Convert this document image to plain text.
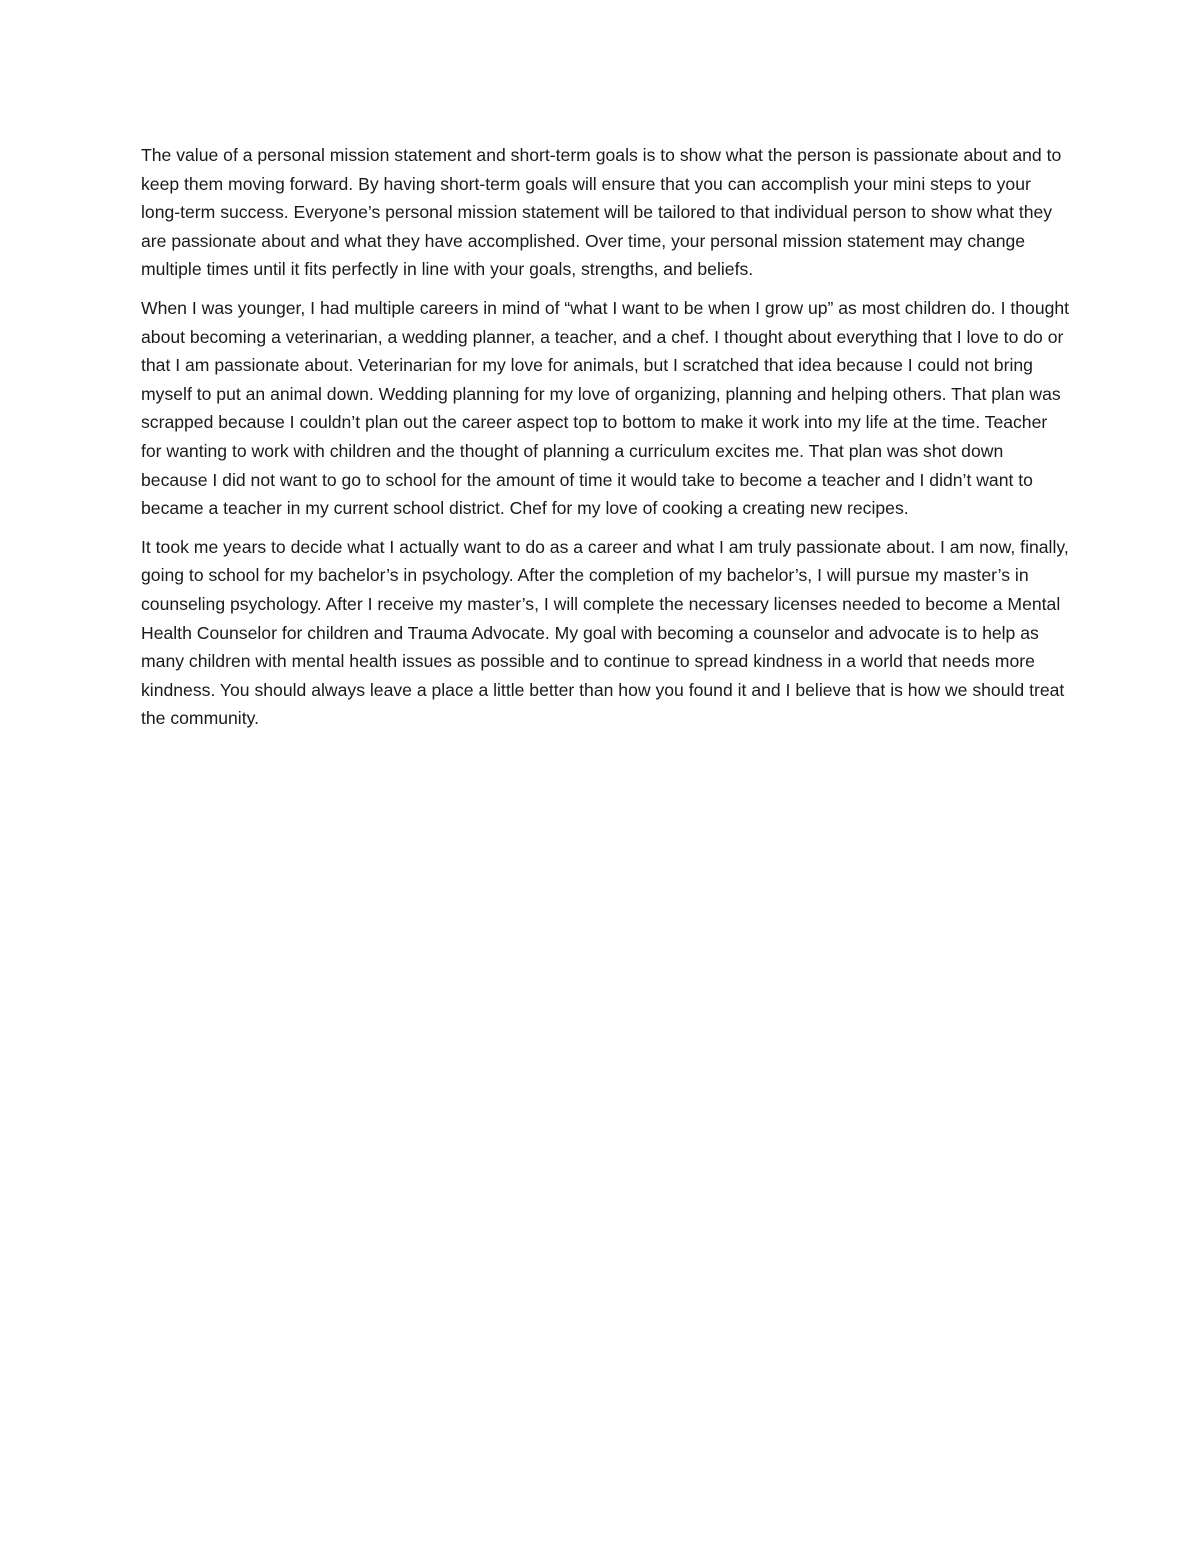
The value of a personal mission statement and short-term goals is to show what the person is passionate about and to keep them moving forward. By having short-term goals will ensure that you can accomplish your mini steps to your long-term success. Everyone’s personal mission statement will be tailored to that individual person to show what they are passionate about and what they have accomplished. Over time, your personal mission statement may change multiple times until it fits perfectly in line with your goals, strengths, and beliefs.

When I was younger, I had multiple careers in mind of “what I want to be when I grow up” as most children do. I thought about becoming a veterinarian, a wedding planner, a teacher, and a chef. I thought about everything that I love to do or that I am passionate about. Veterinarian for my love for animals, but I scratched that idea because I could not bring myself to put an animal down. Wedding planning for my love of organizing, planning and helping others. That plan was scrapped because I couldn’t plan out the career aspect top to bottom to make it work into my life at the time. Teacher for wanting to work with children and the thought of planning a curriculum excites me. That plan was shot down because I did not want to go to school for the amount of time it would take to become a teacher and I didn’t want to became a teacher in my current school district. Chef for my love of cooking a creating new recipes.

It took me years to decide what I actually want to do as a career and what I am truly passionate about. I am now, finally, going to school for my bachelor’s in psychology. After the completion of my bachelor’s, I will pursue my master’s in counseling psychology. After I receive my master’s, I will complete the necessary licenses needed to become a Mental Health Counselor for children and Trauma Advocate. My goal with becoming a counselor and advocate is to help as many children with mental health issues as possible and to continue to spread kindness in a world that needs more kindness. You should always leave a place a little better than how you found it and I believe that is how we should treat the community.
